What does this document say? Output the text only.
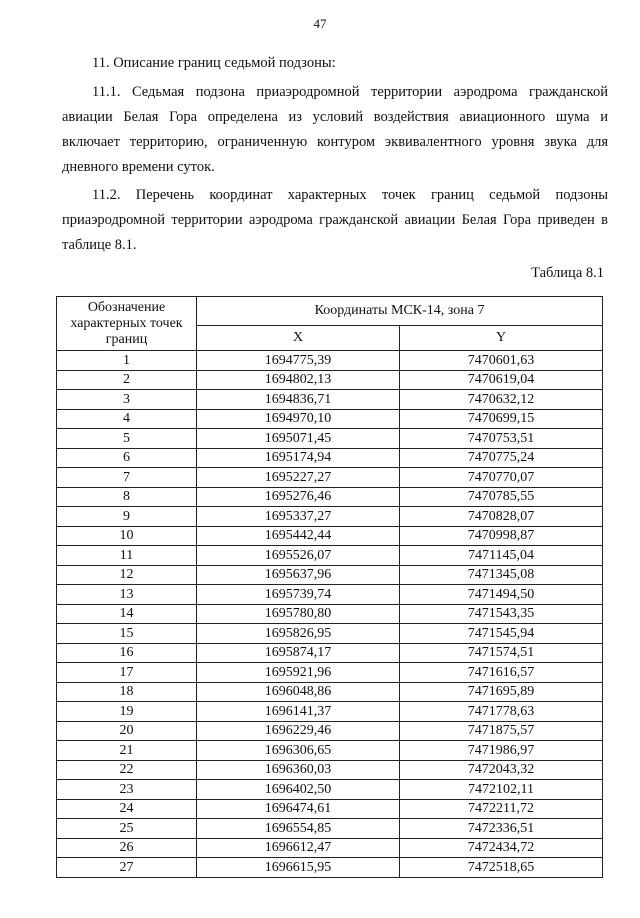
47
11. Описание границ седьмой подзоны:
11.1. Седьмая подзона приаэродромной территории аэродрома гражданской
авиации Белая Гора определена из условий воздействия авиационного шума и
включает территорию, ограниченную контуром эквивалентного уровня звука для
дневного времени суток.
11.2. Перечень координат характерных точек границ седьмой подзоны
приаэродромной территории аэродрома гражданской авиации Белая Гора приведен в
таблице 8.1.
Таблица 8.1
Обозначение характерных точек границ	Координаты МСК-14, зона 7	
	X	Y
1	1694775,39	7470601,63
2	1694802,13	7470619,04
3	1694836,71	7470632,12
4	1694970,10	7470699,15
5	1695071,45	7470753,51
6	1695174,94	7470775,24
7	1695227,27	7470770,07
8	1695276,46	7470785,55
9	1695337,27	7470828,07
10	1695442,44	7470998,87
11	1695526,07	7471145,04
12	1695637,96	7471345,08
13	1695739,74	7471494,50
14	1695780,80	7471543,35
15	1695826,95	7471545,94
16	1695874,17	7471574,51
17	1695921,96	7471616,57
18	1696048,86	7471695,89
19	1696141,37	7471778,63
20	1696229,46	7471875,57
21	1696306,65	7471986,97
22	1696360,03	7472043,32
23	1696402,50	7472102,11
24	1696474,61	7472211,72
25	1696554,85	7472336,51
26	1696612,47	7472434,72
27	1696615,95	7472518,65
